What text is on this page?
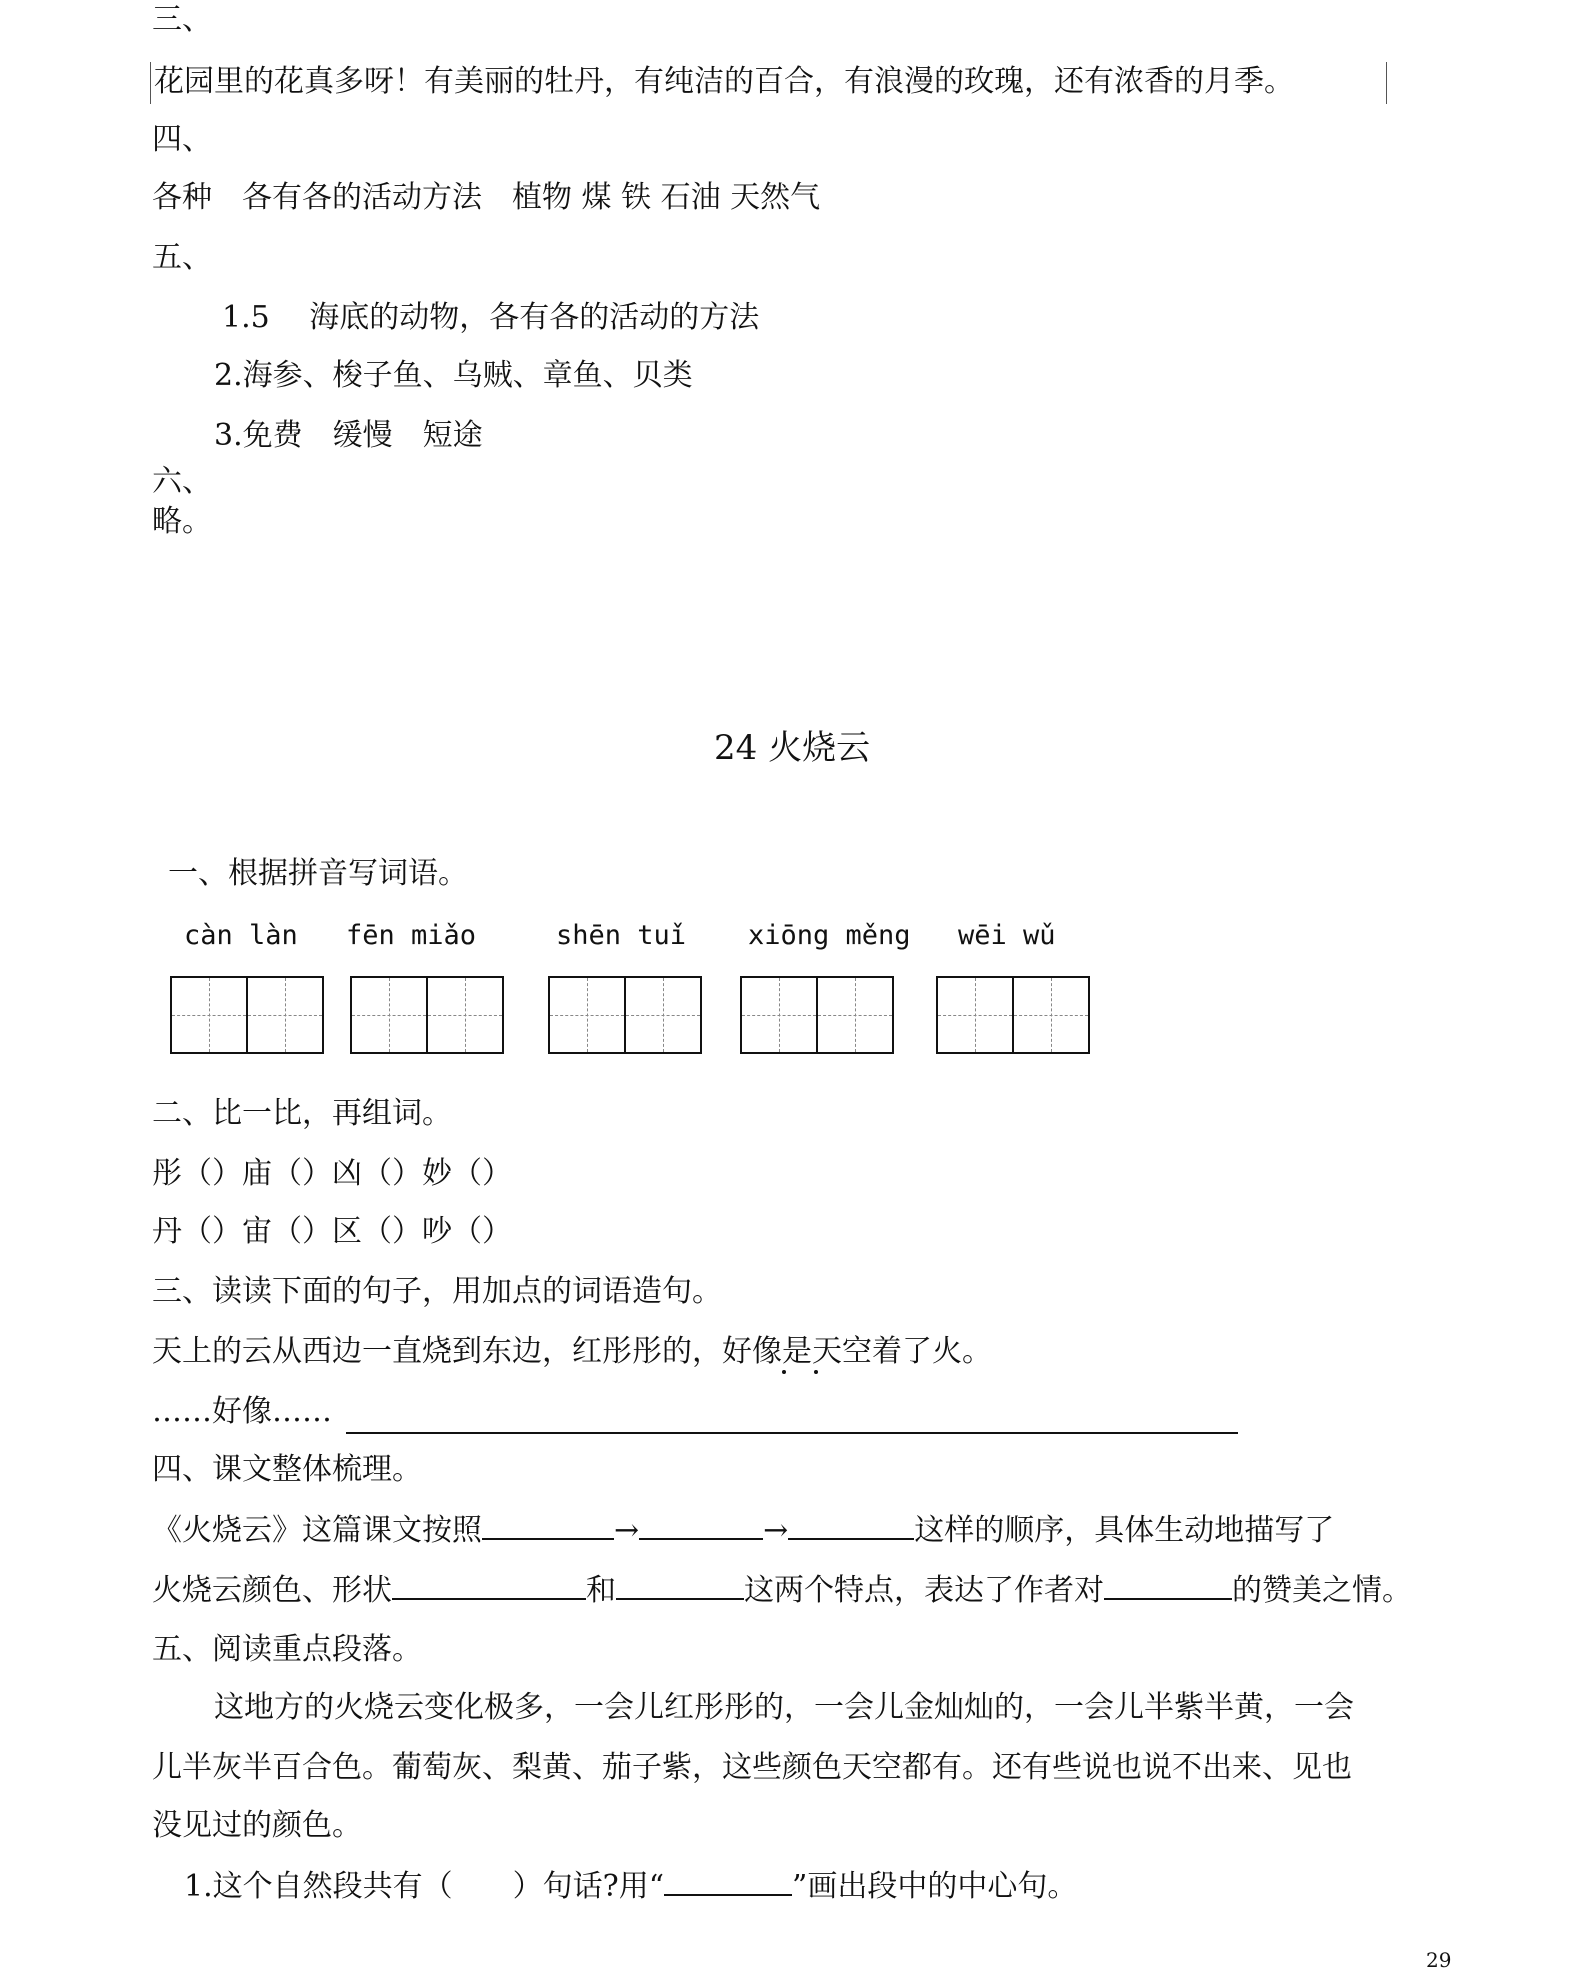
三、
花园里的花真多呀！有美丽的牡丹，有纯洁的百合，有浪漫的玫瑰，还有浓香的月季。
四、
各种　各有各的活动方法　植物 煤 铁 石油 天然气
五、
1.5　 海底的动物，各有各的活动的方法
2.海参、梭子鱼、乌贼、章鱼、贝类
3.免费　缓慢　短途
六、
略。
24 火烧云
一、根据拼音写词语。
càn làn fēn miǎo	shēn tuǐ xiōng měng wēi wǔ
二、比一比，再组词。
彤（）庙（）凶（）妙（）
丹（）宙（）区（）吵（）
三、读读下面的句子，用加点的词语造句。
天上的云从西边一直烧到东边，红彤彤的，好像是天空着了火。
……好像……
四、课文整体梳理。
《火烧云》这篇课文按照	→	→	这样的顺序，具体生动地描写了
火烧云颜色、形状	和	这两个特点，表达了作者对	的赞美之情。
五、阅读重点段落。
这地方的火烧云变化极多，一会儿红彤彤的，一会儿金灿灿的，一会儿半紫半黄，一会
儿半灰半百合色。葡萄灰、梨黄、茄子紫，这些颜色天空都有。还有些说也说不出来、见也
没见过的颜色。
1.这个自然段共有（　　）句话?用“	”画出段中的中心句。
29
